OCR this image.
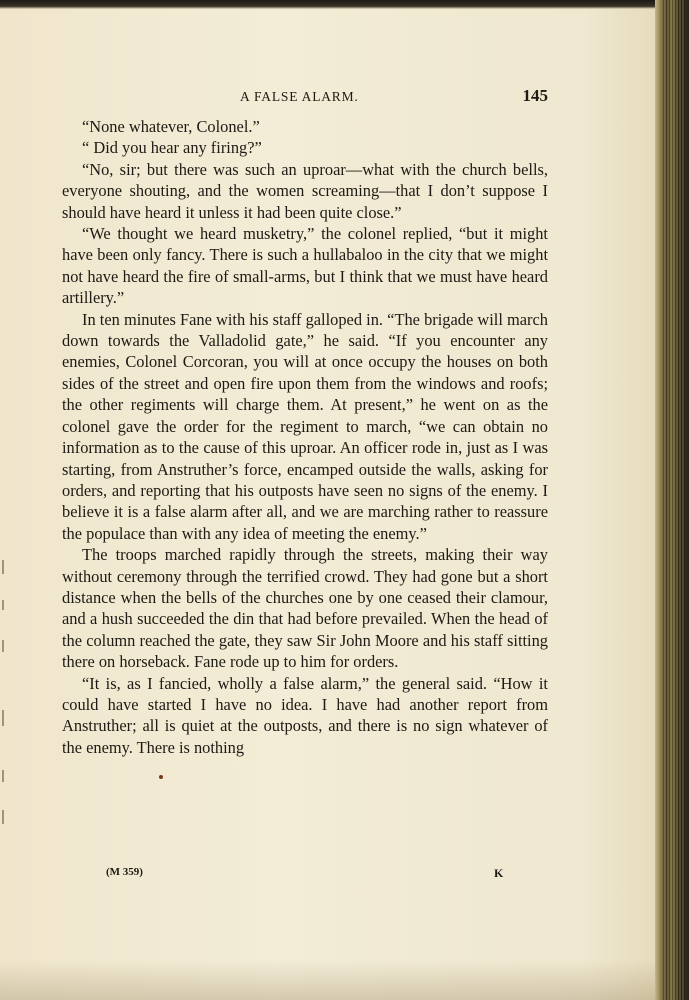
A FALSE ALARM.	145

“None whatever, Colonel.”

“ Did you hear any firing?”

“No, sir; but there was such an uproar—what with the church bells, everyone shouting, and the women screaming—that I don’t suppose I should have heard it unless it had been quite close.”

“We thought we heard musketry,” the colonel replied, “but it might have been only fancy. There is such a hullabaloo in the city that we might not have heard the fire of small-arms, but I think that we must have heard artillery.”

In ten minutes Fane with his staff galloped in. “The brigade will march down towards the Valladolid gate,” he said. “If you encounter any enemies, Colonel Corcoran, you will at once occupy the houses on both sides of the street and open fire upon them from the windows and roofs; the other regiments will charge them. At present,” he went on as the colonel gave the order for the regiment to march, “we can obtain no information as to the cause of this uproar. An officer rode in, just as I was starting, from Anstruther’s force, encamped outside the walls, asking for orders, and reporting that his outposts have seen no signs of the enemy. I believe it is a false alarm after all, and we are marching rather to reassure the populace than with any idea of meeting the enemy.”

The troops marched rapidly through the streets, making their way without ceremony through the terrified crowd. They had gone but a short distance when the bells of the churches one by one ceased their clamour, and a hush succeeded the din that had before prevailed. When the head of the column reached the gate, they saw Sir John Moore and his staff sitting there on horseback. Fane rode up to him for orders.

“It is, as I fancied, wholly a false alarm,” the general said. “How it could have started I have no idea. I have had another report from Anstruther; all is quiet at the outposts, and there is no sign whatever of the enemy. There is nothing

(M 359)	K
